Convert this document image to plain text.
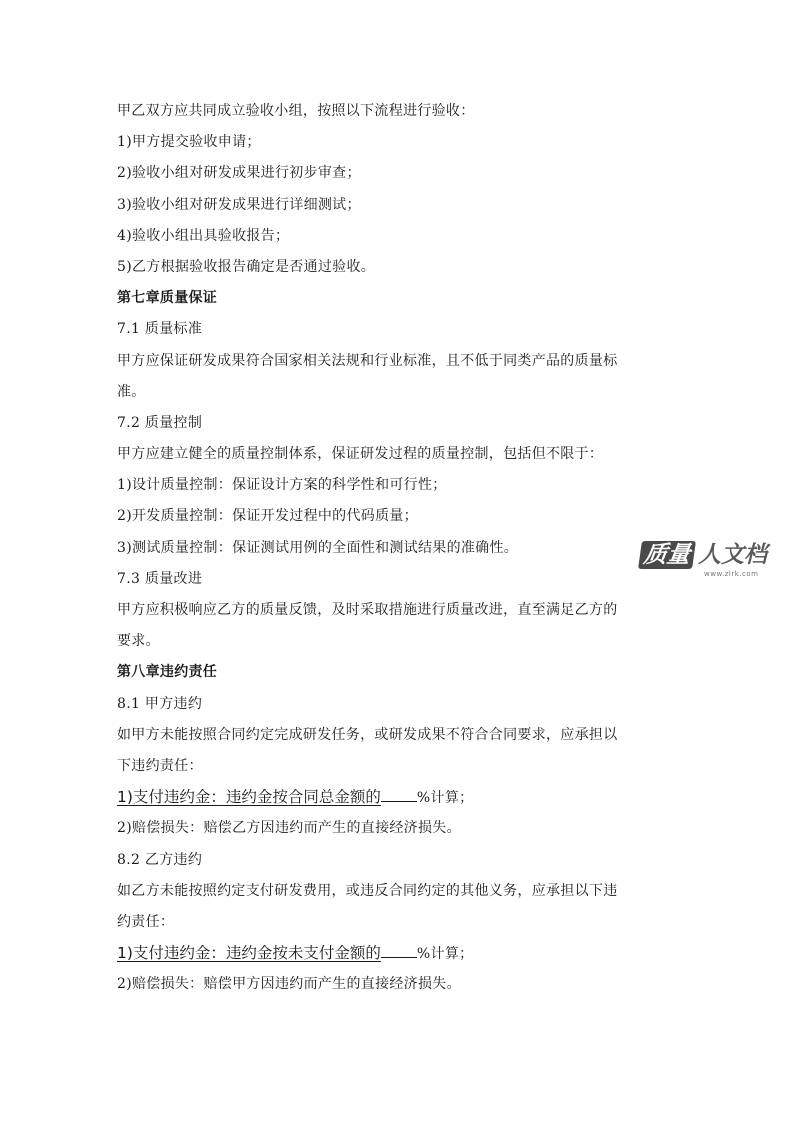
甲乙双方应共同成立验收小组，按照以下流程进行验收：
1)甲方提交验收申请；
2)验收小组对研发成果进行初步审查；
3)验收小组对研发成果进行详细测试；
4)验收小组出具验收报告；
5)乙方根据验收报告确定是否通过验收。
第七章质量保证
7.1 质量标准
甲方应保证研发成果符合国家相关法规和行业标准，且不低于同类产品的质量标
准。
7.2 质量控制
甲方应建立健全的质量控制体系，保证研发过程的质量控制，包括但不限于：
1)设计质量控制：保证设计方案的科学性和可行性；
2)开发质量控制：保证开发过程中的代码质量；
3)测试质量控制：保证测试用例的全面性和测试结果的准确性。
7.3 质量改进
甲方应积极响应乙方的质量反馈，及时采取措施进行质量改进，直至满足乙方的
要求。
第八章违约责任
8.1 甲方违约
如甲方未能按照合同约定完成研发任务，或研发成果不符合合同要求，应承担以
下违约责任：
1)支付违约金：违约金按合同总金额的	%计算；
2)赔偿损失：赔偿乙方因违约而产生的直接经济损失。
8.2 乙方违约
如乙方未能按照约定支付研发费用，或违反合同约定的其他义务，应承担以下违
约责任：
1)支付违约金：违约金按未支付金额的	%计算；
2)赔偿损失：赔偿甲方因违约而产生的直接经济损失。
质量 人文档
www.zlrk.com
